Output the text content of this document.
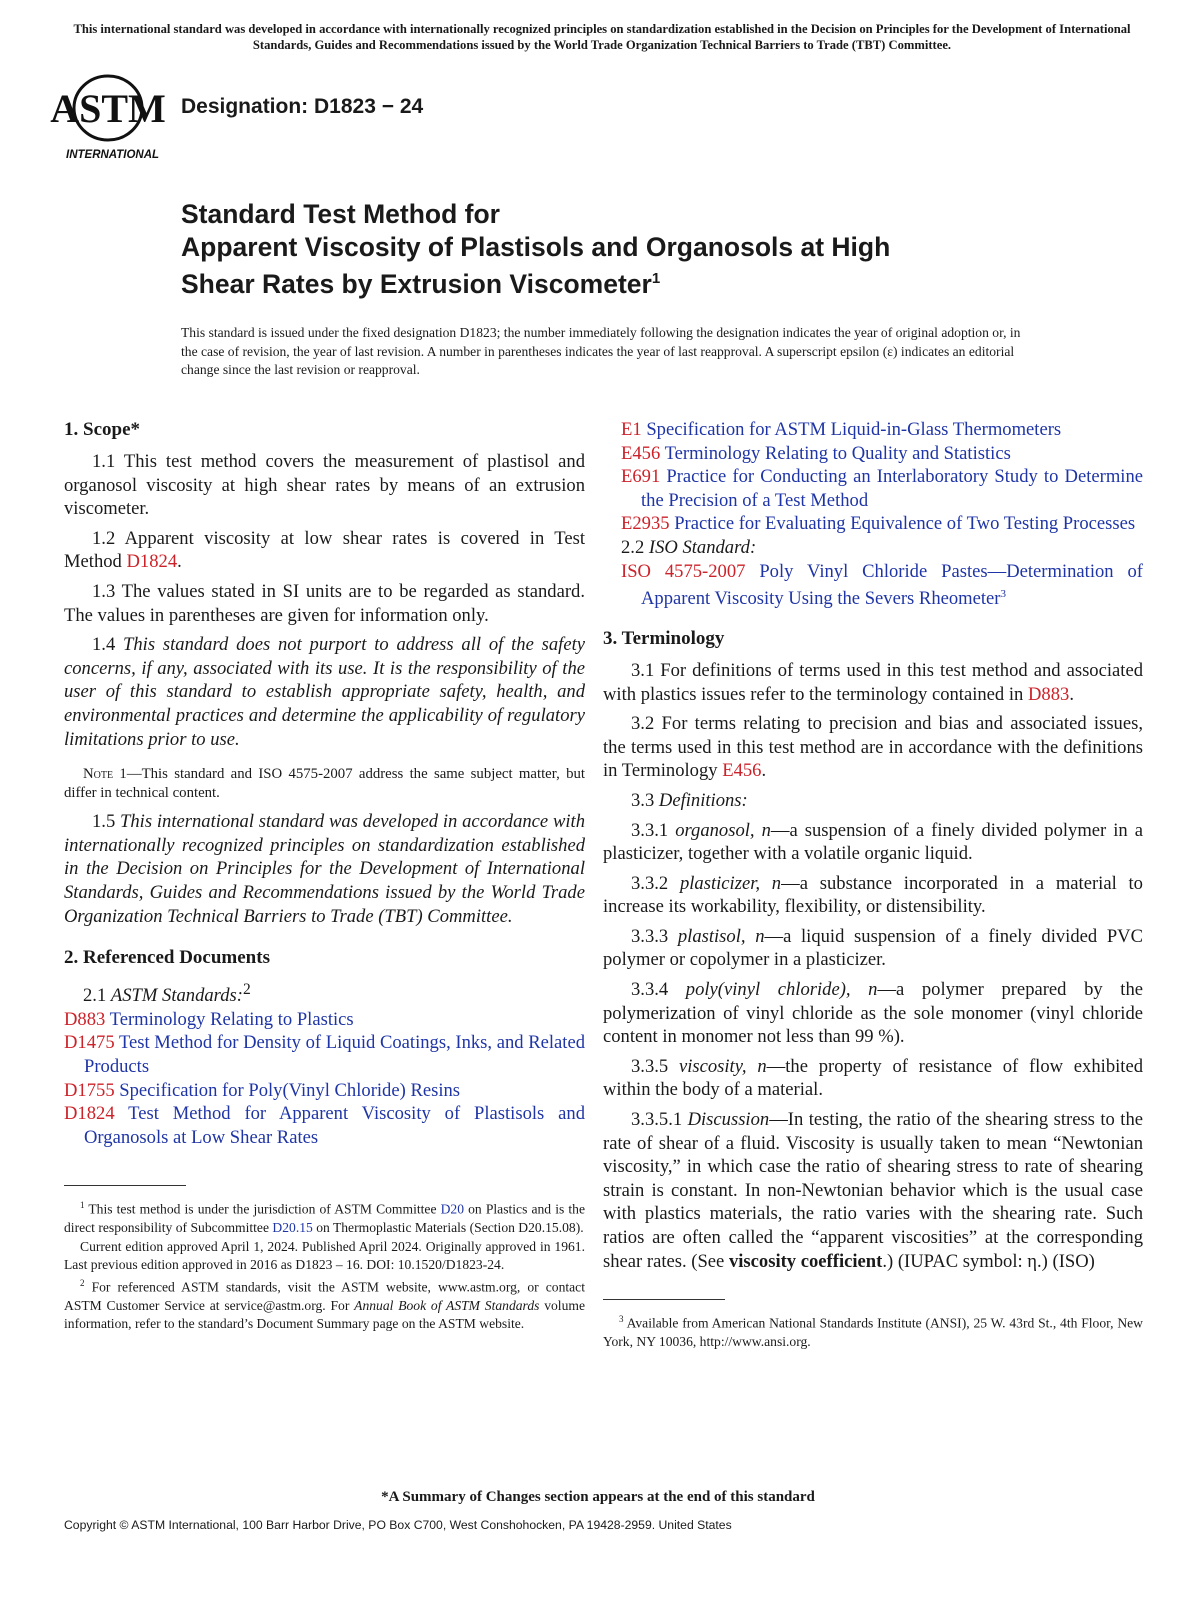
This international standard was developed in accordance with internationally recognized principles on standardization established in the Decision on Principles for the Development of International Standards, Guides and Recommendations issued by the World Trade Organization Technical Barriers to Trade (TBT) Committee.
ASTM
INTERNATIONAL
Designation: D1823 − 24
Standard Test Method for
Apparent Viscosity of Plastisols and Organosols at High
Shear Rates by Extrusion Viscometer$^1$
This standard is issued under the fixed designation D1823; the number immediately following the designation indicates the year of original adoption or, in the case of revision, the year of last revision. A number in parentheses indicates the year of last reapproval. A superscript epsilon (ε) indicates an editorial change since the last revision or reapproval.
1. Scope*

1.1 This test method covers the measurement of plastisol and organosol viscosity at high shear rates by means of an extrusion viscometer.

1.2 Apparent viscosity at low shear rates is covered in Test Method D1824.

1.3 The values stated in SI units are to be regarded as standard. The values in parentheses are given for information only.

1.4 This standard does not purport to address all of the safety concerns, if any, associated with its use. It is the responsibility of the user of this standard to establish appropriate safety, health, and environmental practices and determine the applicability of regulatory limitations prior to use.

Note 1—This standard and ISO 4575-2007 address the same subject matter, but differ in technical content.

1.5 This international standard was developed in accordance with internationally recognized principles on standardization established in the Decision on Principles for the Development of International Standards, Guides and Recommendations issued by the World Trade Organization Technical Barriers to Trade (TBT) Committee.

2. Referenced Documents

2.1 ASTM Standards:$^2$

D883 Terminology Relating to Plastics

D1475 Test Method for Density of Liquid Coatings, Inks, and Related Products

D1755 Specification for Poly(Vinyl Chloride) Resins

D1824 Test Method for Apparent Viscosity of Plastisols and Organosols at Low Shear Rates

$^1$ This test method is under the jurisdiction of ASTM Committee D20 on Plastics and is the direct responsibility of Subcommittee D20.15 on Thermoplastic Materials (Section D20.15.08).

Current edition approved April 1, 2024. Published April 2024. Originally approved in 1961. Last previous edition approved in 2016 as D1823 – 16. DOI: 10.1520/D1823-24.

$^2$ For referenced ASTM standards, visit the ASTM website, www.astm.org, or contact ASTM Customer Service at service@astm.org. For Annual Book of ASTM Standards volume information, refer to the standard’s Document Summary page on the ASTM website.

E1 Specification for ASTM Liquid-in-Glass Thermometers

E456 Terminology Relating to Quality and Statistics

E691 Practice for Conducting an Interlaboratory Study to Determine the Precision of a Test Method

E2935 Practice for Evaluating Equivalence of Two Testing Processes

2.2 ISO Standard:

ISO 4575-2007 Poly Vinyl Chloride Pastes—Determination of Apparent Viscosity Using the Severs Rheometer$^3$

3. Terminology

3.1 For definitions of terms used in this test method and associated with plastics issues refer to the terminology contained in D883.

3.2 For terms relating to precision and bias and associated issues, the terms used in this test method are in accordance with the definitions in Terminology E456.

3.3 Definitions:

3.3.1 organosol, n—a suspension of a finely divided polymer in a plasticizer, together with a volatile organic liquid.

3.3.2 plasticizer, n—a substance incorporated in a material to increase its workability, flexibility, or distensibility.

3.3.3 plastisol, n—a liquid suspension of a finely divided PVC polymer or copolymer in a plasticizer.

3.3.4 poly(vinyl chloride), n—a polymer prepared by the polymerization of vinyl chloride as the sole monomer (vinyl chloride content in monomer not less than 99 %).

3.3.5 viscosity, n—the property of resistance of flow exhibited within the body of a material.

3.3.5.1 Discussion—In testing, the ratio of the shearing stress to the rate of shear of a fluid. Viscosity is usually taken to mean “Newtonian viscosity,” in which case the ratio of shearing stress to rate of shearing strain is constant. In non-Newtonian behavior which is the usual case with plastics materials, the ratio varies with the shearing rate. Such ratios are often called the “apparent viscosities” at the corresponding shear rates. (See viscosity coefficient.) (IUPAC symbol: η.) (ISO)

$^3$ Available from American National Standards Institute (ANSI), 25 W. 43rd St., 4th Floor, New York, NY 10036, http://www.ansi.org.

*A Summary of Changes section appears at the end of this standard
Copyright © ASTM International, 100 Barr Harbor Drive, PO Box C700, West Conshohocken, PA 19428-2959. United States
